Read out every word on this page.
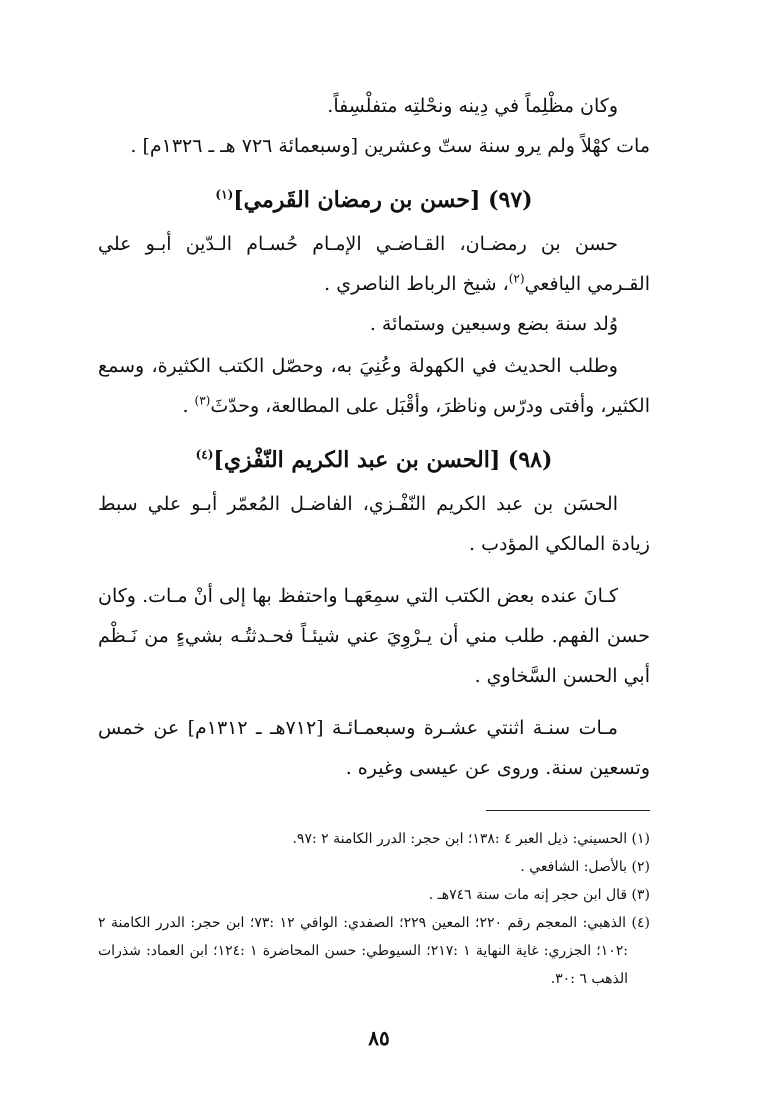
وكان مظْلِماً في دِينه ونحْلتِه متفلْسِفاً.

مات كهْلاً ولم يرو سنة ستّ وعشرين [وسبعمائة ٧٢٦ هـ ـ ١٣٢٦م] .

(٩٧) [حسن بن رمضان القَرمي]$^{(١)}$

حسن بن رمضـان، القـاضـي الإمـام حُسـام الـدّين أبـو علي القـرمي اليافعي$^{(٢)}$، شيخ الرباط الناصري .

وُلد سنة بضع وسبعين وستمائة .

وطلب الحديث في الكهولة وعُنِيَ به، وحصّل الكتب الكثيرة، وسمع الكثير، وأفتى ودرّس وناظرَ، وأقْبَل على المطالعة، وحدّثَ$^{(٣)}$ .

(٩٨) [الحسن بن عبد الكريم النّفْزي]$^{(٤)}$

الحسَن بن عبد الكريم النّفْـزي، الفاضـل المُعمّر أبـو علي سبط زيادة المالكي المؤدب .

كـانَ عنده بعض الكتب التي سمِعَهـا واحتفظ بها إلى أنْ مـات. وكان حسن الفهم. طلب مني أن يـرْوِيَ عني شيئـاً فحـدثتُـه بشيءٍ من نَـظْم أبي الحسن السَّخاوي .

مـات سنـة اثنتي عشـرة وسبعمـائـة [٧١٢هـ ـ ١٣١٢م] عن خمس وتسعين سنة. وروى عن عيسى وغيره .

(١) الحسيني: ذيل العبر ٤ :١٣٨؛ ابن حجر: الدرر الكامنة ٢ :٩٧.

(٢) بالأصل: الشافعي .

(٣) قال ابن حجر إنه مات سنة ٧٤٦هـ .

(٤) الذهبي: المعجم رقم ٢٢٠؛ المعين ٢٢٩؛ الصفدي: الوافي ١٢ :٧٣؛ ابن حجر: الدرر الكامنة ٢ :١٠٢؛ الجزري: غاية النهاية ١ :٢١٧؛ السيوطي: حسن المحاضرة ١ :١٢٤؛ ابن العماد: شذرات الذهب ٦ :٣٠.

٨٥
